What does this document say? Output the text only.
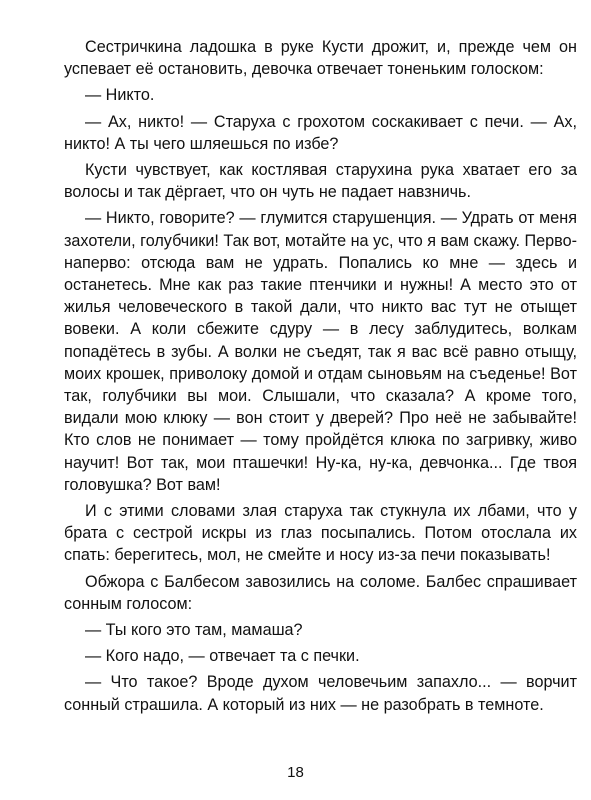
Сестричкина ладошка в руке Кусти дрожит, и, прежде чем он успевает её остановить, девочка отвечает тоненьким голоском:

— Никто.

— Ах, никто! — Старуха с грохотом соскакивает с печи. — Ах, никто! А ты чего шляешься по избе?

Кусти чувствует, как костлявая старухина рука хватает его за волосы и так дёргает, что он чуть не падает навзничь.

— Никто, говорите? — глумится старушенция. — Удрать от меня захотели, голубчики! Так вот, мотайте на ус, что я вам скажу. Перво-наперво: отсюда вам не удрать. Попались ко мне — здесь и останетесь. Мне как раз такие птенчики и нужны! А место это от жилья человеческого в такой дали, что никто вас тут не отыщет вовеки. А коли сбежите сдуру — в лесу заблудитесь, волкам попадётесь в зубы. А волки не съедят, так я вас всё равно отыщу, моих крошек, приволоку домой и отдам сыновьям на съеденье! Вот так, голубчики вы мои. Слышали, что сказала? А кроме того, видали мою клюку — вон стоит у дверей? Про неё не забывайте! Кто слов не понимает — тому пройдётся клюка по загривку, живо научит! Вот так, мои пташечки! Ну-ка, ну-ка, девчонка... Где твоя головушка? Вот вам!

И с этими словами злая старуха так стукнула их лбами, что у брата с сестрой искры из глаз посыпались. Потом отослала их спать: берегитесь, мол, не смейте и носу из-за печи показывать!

Обжора с Балбесом завозились на соломе. Балбес спрашивает сонным голосом:

— Ты кого это там, мамаша?

— Кого надо, — отвечает та с печки.

— Что такое? Вроде духом человечьим запахло... — ворчит сонный страшила. А который из них — не разобрать в темноте.

18
